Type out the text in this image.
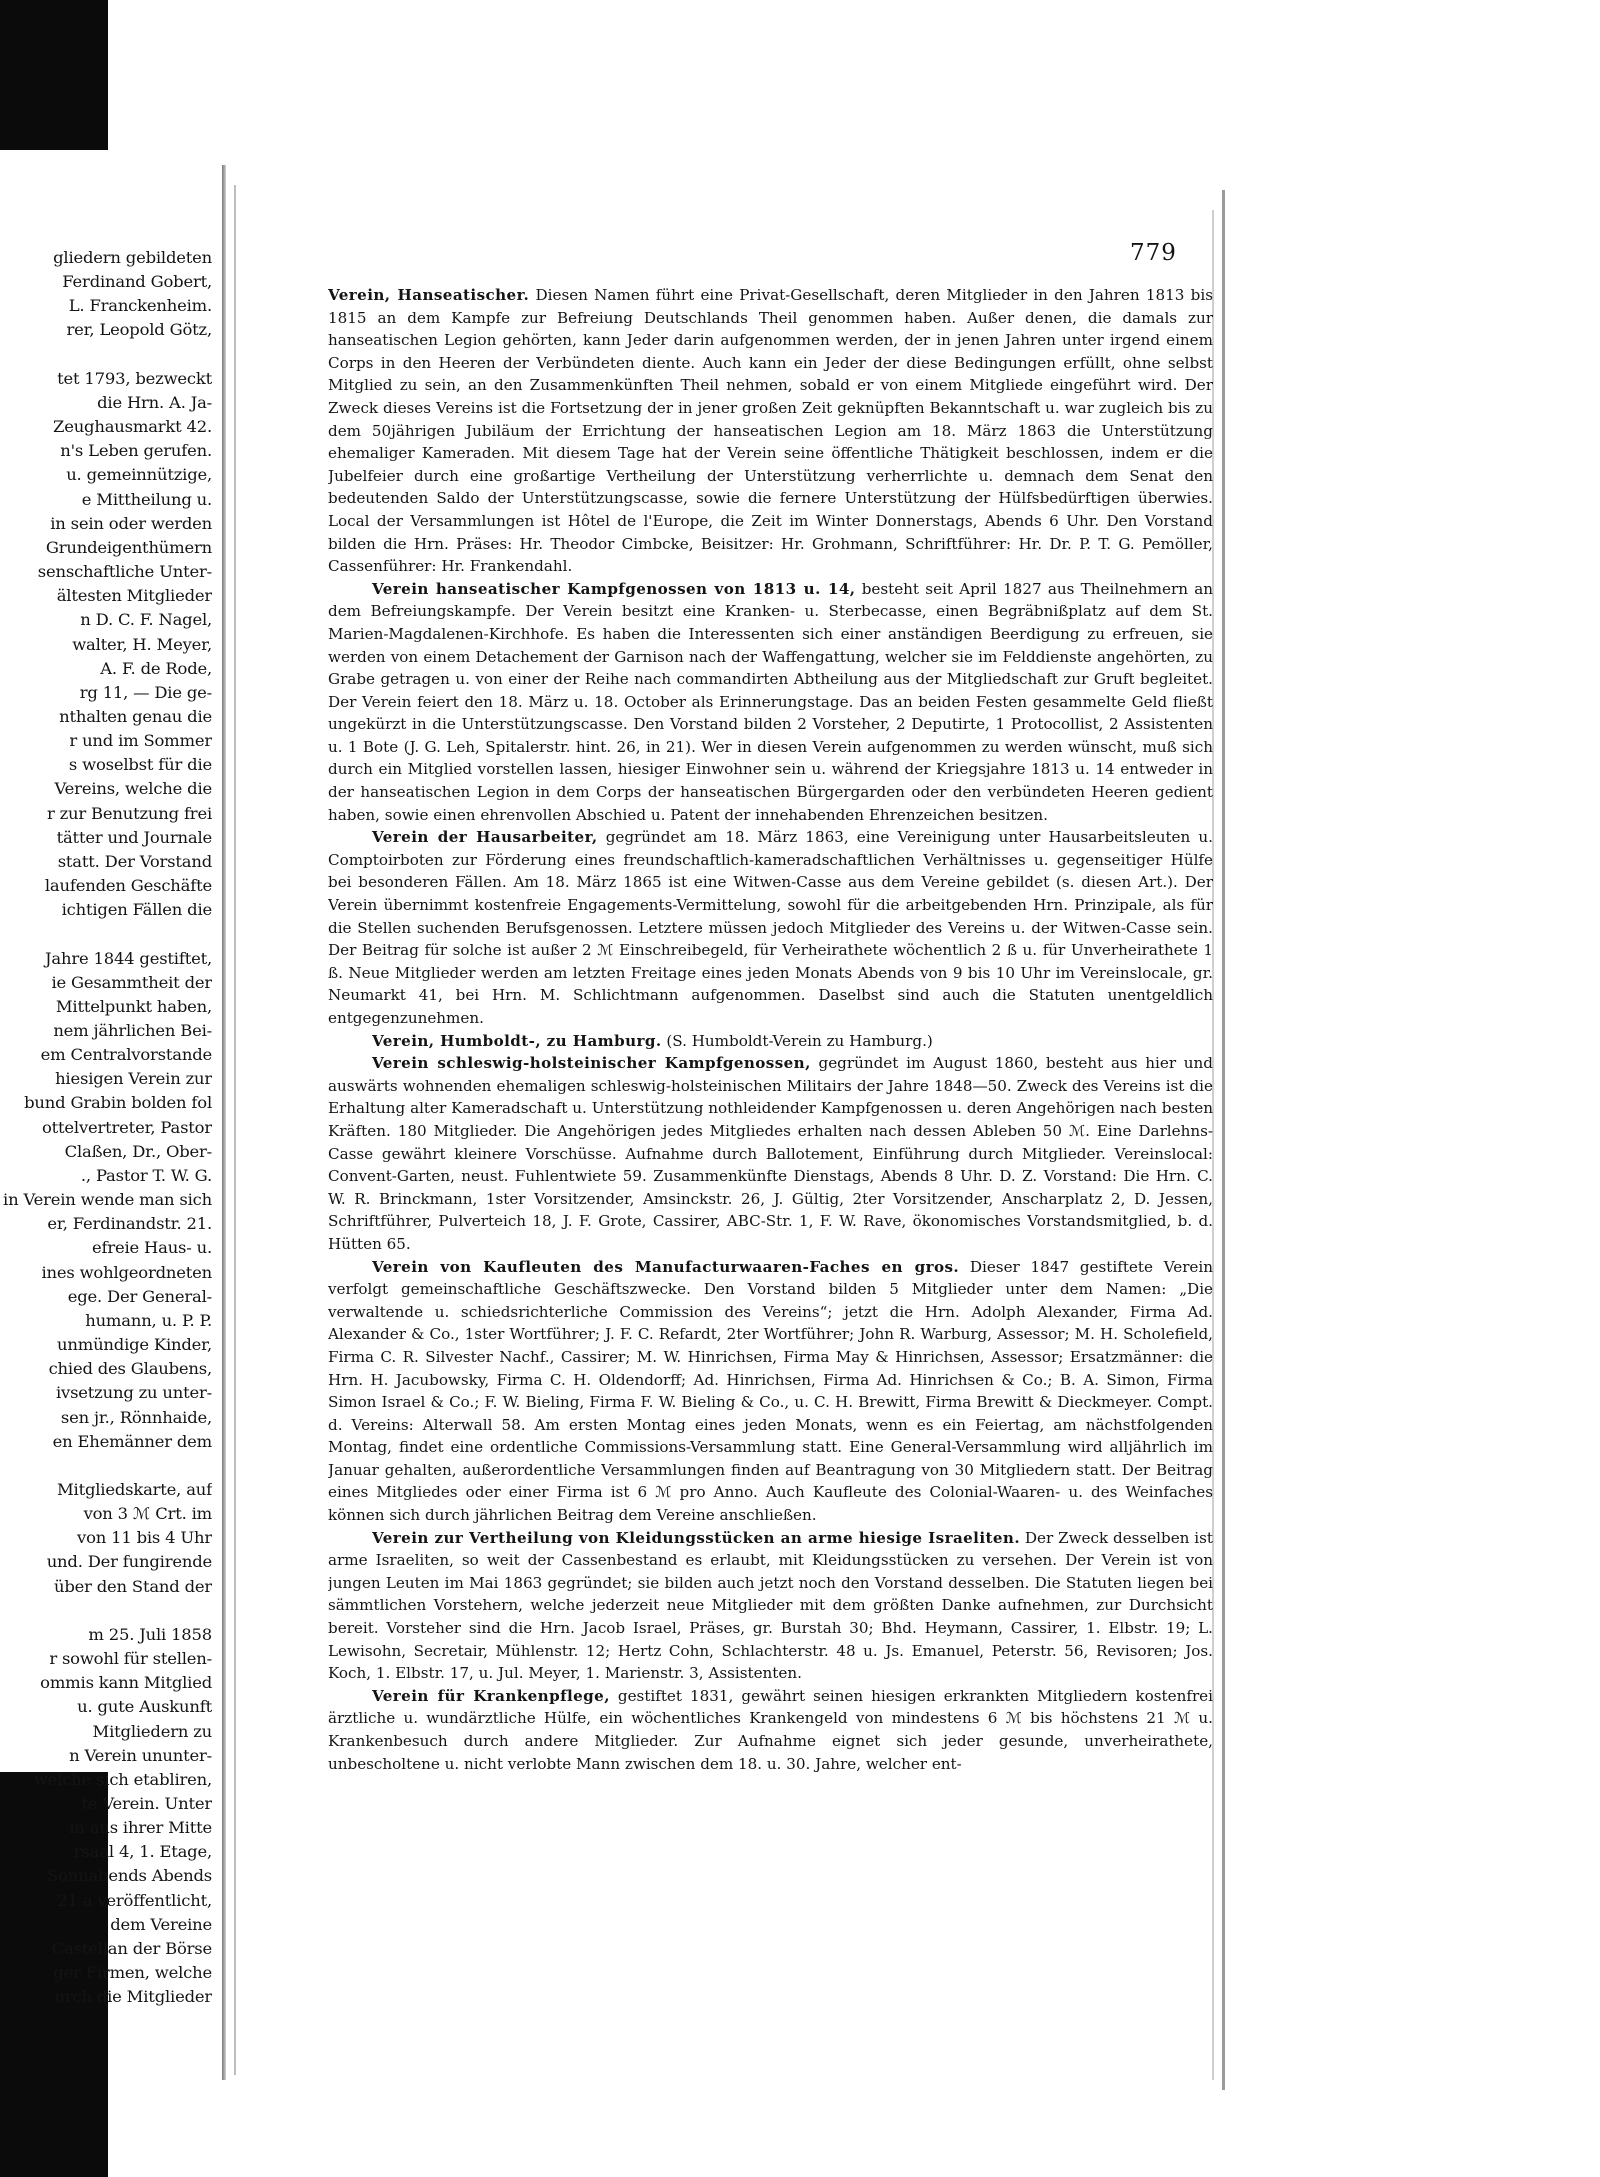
gliedern gebildeten
Ferdinand Gobert,
L. Franckenheim.
rer, Leopold Götz,

tet 1793, bezweckt
die Hrn. A. Ja-
Zeughausmarkt 42.
n's Leben gerufen.
u. gemeinnützige,
e Mittheilung u.
in sein oder werden
Grundeigenthümern
senschaftliche Unter-
ältesten Mitglieder
n D. C. F. Nagel,
walter, H. Meyer,
A. F. de Rode,
rg 11, — Die ge-
nthalten genau die
r und im Sommer
s woselbst für die
Vereins, welche die
r zur Benutzung frei
tätter und Journale
statt. Der Vorstand
laufenden Geschäfte
ichtigen Fällen die

Jahre 1844 gestiftet,
ie Gesammtheit der
Mittelpunkt haben,
nem jährlichen Bei-
em Centralvorstande
hiesigen Verein zur
bund Grabin bolden fol
ottelvertreter, Pastor
Claßen, Dr., Ober-
., Pastor T. W. G.
in Verein wende man sich
er, Ferdinandstr. 21.
efreie Haus- u.
ines wohlgeordneten
ege. Der General-
humann, u. P. P.
unmündige Kinder,
chied des Glaubens,
ivsetzung zu unter-
sen jr., Rönnhaide,
en Ehemänner dem

Mitgliedskarte, auf
von 3 ℳ Crt. im
von 11 bis 4 Uhr
und. Der fungirende
über den Stand der

m 25. Juli 1858
r sowohl für stellen-
ommis kann Mitglied
u. gute Auskunft
Mitgliedern zu
n Verein ununter-
welche sich etabliren,
te Verein. Unter
in aus ihrer Mitte
rsaal 4, 1. Etage,
Sonnabends Abends
21 a veröffentlicht,
dem Vereine
Castellan der Börse
ger Firmen, welche
urch die Mitglieder
779

Verein, Hanseatischer. Diesen Namen führt eine Privat-Gesellschaft, deren Mitglieder in den Jahren 1813 bis 1815 an dem Kampfe zur Befreiung Deutschlands Theil genommen haben. Außer denen, die damals zur hanseatischen Legion gehörten, kann Jeder darin aufgenommen werden, der in jenen Jahren unter irgend einem Corps in den Heeren der Verbündeten diente. Auch kann ein Jeder der diese Bedingungen erfüllt, ohne selbst Mitglied zu sein, an den Zusammenkünften Theil nehmen, sobald er von einem Mitgliede eingeführt wird. Der Zweck dieses Vereins ist die Fortsetzung der in jener großen Zeit geknüpften Bekanntschaft u. war zugleich bis zu dem 50jährigen Jubiläum der Errichtung der hanseatischen Legion am 18. März 1863 die Unterstützung ehemaliger Kameraden. Mit diesem Tage hat der Verein seine öffentliche Thätigkeit beschlossen, indem er die Jubelfeier durch eine großartige Vertheilung der Unterstützung verherrlichte u. demnach dem Senat den bedeutenden Saldo der Unterstützungscasse, sowie die fernere Unterstützung der Hülfsbedürftigen überwies. Local der Versammlungen ist Hôtel de l'Europe, die Zeit im Winter Donnerstags, Abends 6 Uhr. Den Vorstand bilden die Hrn. Präses: Hr. Theodor Cimbcke, Beisitzer: Hr. Grohmann, Schriftführer: Hr. Dr. P. T. G. Pemöller, Cassenführer: Hr. Frankendahl.

Verein hanseatischer Kampfgenossen von 1813 u. 14, besteht seit April 1827 aus Theilnehmern an dem Befreiungskampfe. Der Verein besitzt eine Kranken- u. Sterbecasse, einen Begräbnißplatz auf dem St. Marien-Magdalenen-Kirchhofe. Es haben die Interessenten sich einer anständigen Beerdigung zu erfreuen, sie werden von einem Detachement der Garnison nach der Waffengattung, welcher sie im Felddienste angehörten, zu Grabe getragen u. von einer der Reihe nach commandirten Abtheilung aus der Mitgliedschaft zur Gruft begleitet. Der Verein feiert den 18. März u. 18. October als Erinnerungstage. Das an beiden Festen gesammelte Geld fließt ungekürzt in die Unterstützungscasse. Den Vorstand bilden 2 Vorsteher, 2 Deputirte, 1 Protocollist, 2 Assistenten u. 1 Bote (J. G. Leh, Spitalerstr. hint. 26, in 21). Wer in diesen Verein aufgenommen zu werden wünscht, muß sich durch ein Mitglied vorstellen lassen, hiesiger Einwohner sein u. während der Kriegsjahre 1813 u. 14 entweder in der hanseatischen Legion in dem Corps der hanseatischen Bürgergarden oder den verbündeten Heeren gedient haben, sowie einen ehrenvollen Abschied u. Patent der innehabenden Ehrenzeichen besitzen.

Verein der Hausarbeiter, gegründet am 18. März 1863, eine Vereinigung unter Hausarbeitsleuten u. Comptoirboten zur Förderung eines freundschaftlich-kameradschaftlichen Verhältnisses u. gegenseitiger Hülfe bei besonderen Fällen. Am 18. März 1865 ist eine Witwen-Casse aus dem Vereine gebildet (s. diesen Art.). Der Verein übernimmt kostenfreie Engagements-Vermittelung, sowohl für die arbeitgebenden Hrn. Prinzipale, als für die Stellen suchenden Berufsgenossen. Letztere müssen jedoch Mitglieder des Vereins u. der Witwen-Casse sein. Der Beitrag für solche ist außer 2 ℳ Einschreibegeld, für Verheirathete wöchentlich 2 ß u. für Unverheirathete 1 ß. Neue Mitglieder werden am letzten Freitage eines jeden Monats Abends von 9 bis 10 Uhr im Vereinslocale, gr. Neumarkt 41, bei Hrn. M. Schlichtmann aufgenommen. Daselbst sind auch die Statuten unentgeldlich entgegenzunehmen.

Verein, Humboldt-, zu Hamburg. (S. Humboldt-Verein zu Hamburg.)

Verein schleswig-holsteinischer Kampfgenossen, gegründet im August 1860, besteht aus hier und auswärts wohnenden ehemaligen schleswig-holsteinischen Militairs der Jahre 1848—50. Zweck des Vereins ist die Erhaltung alter Kameradschaft u. Unterstützung nothleidender Kampfgenossen u. deren Angehörigen nach besten Kräften. 180 Mitglieder. Die Angehörigen jedes Mitgliedes erhalten nach dessen Ableben 50 ℳ. Eine Darlehns-Casse gewährt kleinere Vorschüsse. Aufnahme durch Ballotement, Einführung durch Mitglieder. Vereinslocal: Convent-Garten, neust. Fuhlentwiete 59. Zusammenkünfte Dienstags, Abends 8 Uhr. D. Z. Vorstand: Die Hrn. C. W. R. Brinckmann, 1ster Vorsitzender, Amsinckstr. 26, J. Gültig, 2ter Vorsitzender, Anscharplatz 2, D. Jessen, Schriftführer, Pulverteich 18, J. F. Grote, Cassirer, ABC-Str. 1, F. W. Rave, ökonomisches Vorstandsmitglied, b. d. Hütten 65.

Verein von Kaufleuten des Manufacturwaaren-Faches en gros. Dieser 1847 gestiftete Verein verfolgt gemeinschaftliche Geschäftszwecke. Den Vorstand bilden 5 Mitglieder unter dem Namen: „Die verwaltende u. schiedsrichterliche Commission des Vereins“; jetzt die Hrn. Adolph Alexander, Firma Ad. Alexander & Co., 1ster Wortführer; J. F. C. Refardt, 2ter Wortführer; John R. Warburg, Assessor; M. H. Scholefield, Firma C. R. Silvester Nachf., Cassirer; M. W. Hinrichsen, Firma May & Hinrichsen, Assessor; Ersatzmänner: die Hrn. H. Jacubowsky, Firma C. H. Oldendorff; Ad. Hinrichsen, Firma Ad. Hinrichsen & Co.; B. A. Simon, Firma Simon Israel & Co.; F. W. Bieling, Firma F. W. Bieling & Co., u. C. H. Brewitt, Firma Brewitt & Dieckmeyer. Compt. d. Vereins: Alterwall 58. Am ersten Montag eines jeden Monats, wenn es ein Feiertag, am nächstfolgenden Montag, findet eine ordentliche Commissions-Versammlung statt. Eine General-Versammlung wird alljährlich im Januar gehalten, außerordentliche Versammlungen finden auf Beantragung von 30 Mitgliedern statt. Der Beitrag eines Mitgliedes oder einer Firma ist 6 ℳ pro Anno. Auch Kaufleute des Colonial-Waaren- u. des Weinfaches können sich durch jährlichen Beitrag dem Vereine anschließen.

Verein zur Vertheilung von Kleidungsstücken an arme hiesige Israeliten. Der Zweck desselben ist arme Israeliten, so weit der Cassenbestand es erlaubt, mit Kleidungsstücken zu versehen. Der Verein ist von jungen Leuten im Mai 1863 gegründet; sie bilden auch jetzt noch den Vorstand desselben. Die Statuten liegen bei sämmtlichen Vorstehern, welche jederzeit neue Mitglieder mit dem größten Danke aufnehmen, zur Durchsicht bereit. Vorsteher sind die Hrn. Jacob Israel, Präses, gr. Burstah 30; Bhd. Heymann, Cassirer, 1. Elbstr. 19; L. Lewisohn, Secretair, Mühlenstr. 12; Hertz Cohn, Schlachterstr. 48 u. Js. Emanuel, Peterstr. 56, Revisoren; Jos. Koch, 1. Elbstr. 17, u. Jul. Meyer, 1. Marienstr. 3, Assistenten.

Verein für Krankenpflege, gestiftet 1831, gewährt seinen hiesigen erkrankten Mitgliedern kostenfrei ärztliche u. wundärztliche Hülfe, ein wöchentliches Krankengeld von mindestens 6 ℳ bis höchstens 21 ℳ u. Krankenbesuch durch andere Mitglieder. Zur Aufnahme eignet sich jeder gesunde, unverheirathete, unbescholtene u. nicht verlobte Mann zwischen dem 18. u. 30. Jahre, welcher ent-
